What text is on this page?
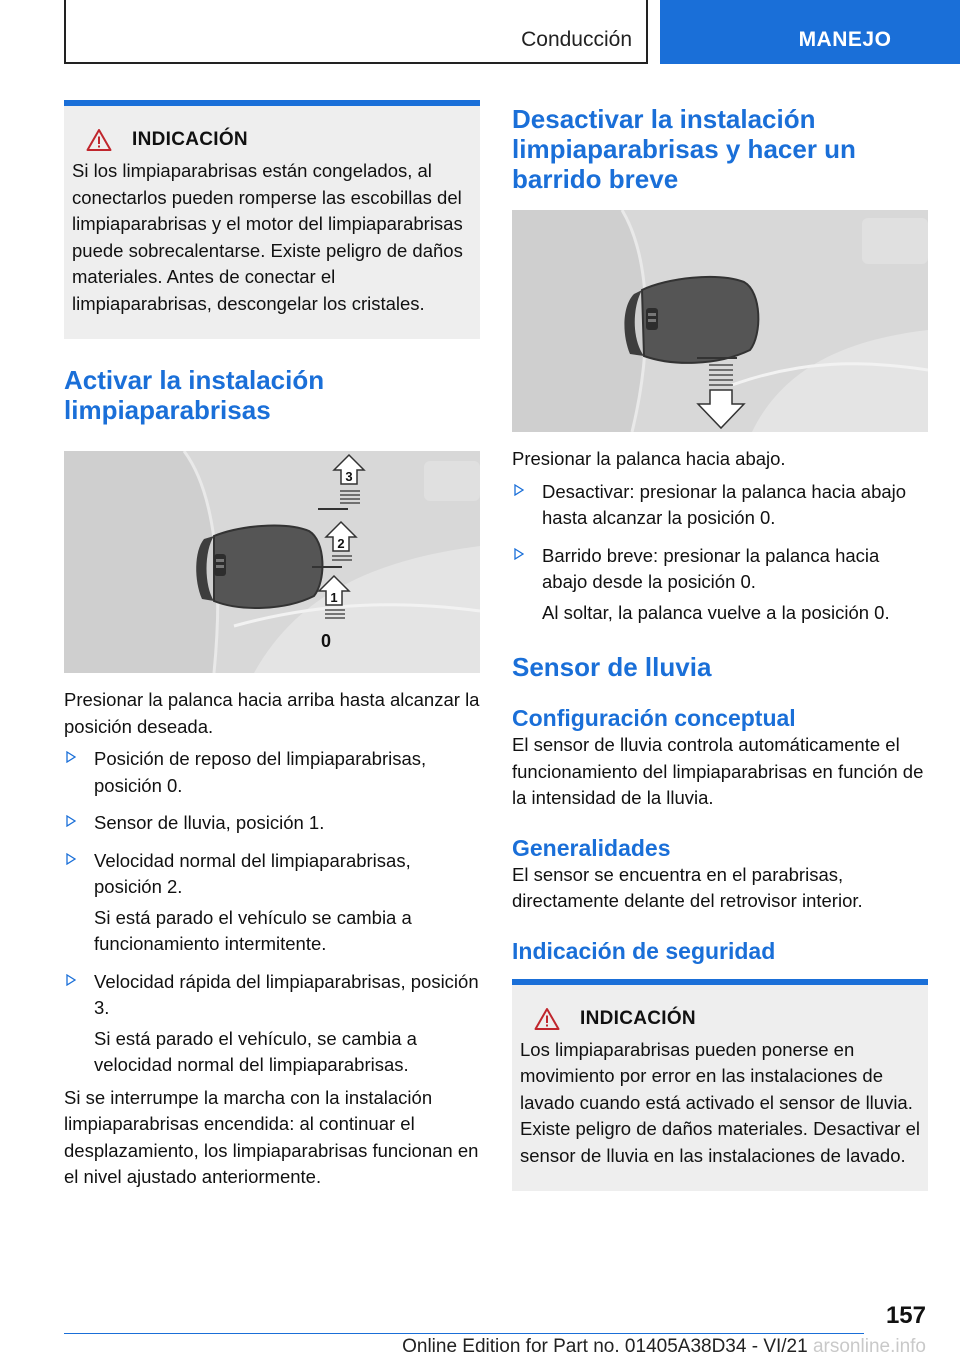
Conducción	MANEJO
INDICACIÓN
Si los limpiaparabrisas están congelados, al conectarlos pueden romperse las escobillas del limpiaparabrisas y el motor del limpiaparabrisas puede sobrecalentarse. Existe peligro de daños materiales. Antes de conectar el limpiaparabrisas, descongelar los cristales.
Activar la instalación limpiaparabrisas
3
2
1
0

Presionar la palanca hacia arriba hasta alcanzar la posición deseada.

Posición de reposo del limpiaparabrisas, posición 0.
Sensor de lluvia, posición 1.
Velocidad normal del limpiaparabrisas, posición 2.
Si está parado el vehículo se cambia a funcionamiento intermitente.
Velocidad rápida del limpiaparabrisas, posición 3.
Si está parado el vehículo, se cambia a velocidad normal del limpiaparabrisas.

Si se interrumpe la marcha con la instalación limpiaparabrisas encendida: al continuar el desplazamiento, los limpiaparabrisas funcionan en el nivel ajustado anteriormente.

Desactivar la instalación limpiaparabrisas y hacer un barrido breve

Presionar la palanca hacia abajo.

Desactivar: presionar la palanca hacia abajo hasta alcanzar la posición 0.
Barrido breve: presionar la palanca hacia abajo desde la posición 0.
Al soltar, la palanca vuelve a la posición 0.
Sensor de lluvia
Configuración conceptual

El sensor de lluvia controla automáticamente el funcionamiento del limpiaparabrisas en función de la intensidad de la lluvia.

Generalidades

El sensor se encuentra en el parabrisas, directamente delante del retrovisor interior.

Indicación de seguridad
INDICACIÓN
Los limpiaparabrisas pueden ponerse en movimiento por error en las instalaciones de lavado cuando está activado el sensor de lluvia. Existe peligro de daños materiales. Desactivar el sensor de lluvia en las instalaciones de lavado.
157
Online Edition for Part no. 01405A38D34 - VI/21 arsonline.info
